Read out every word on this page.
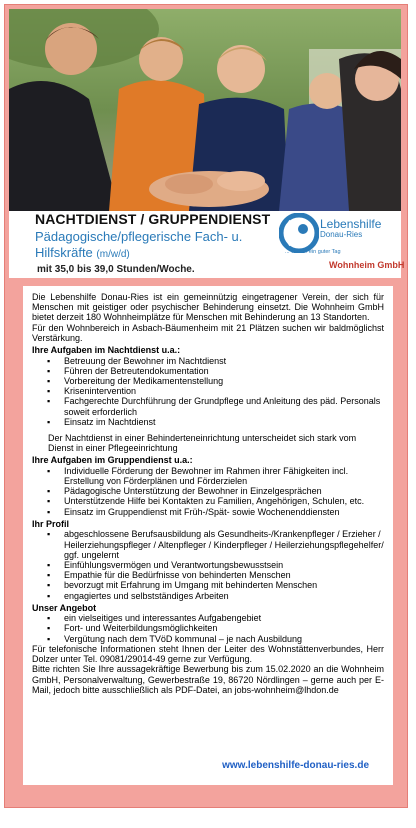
NACHTDIENST / GRUPPENDIENST
Pädagogische/pflegerische Fach- u.
Hilfskräfte (m/w/d)
mit 35,0 bis 39,0 Stunden/Woche.
Lebenshilfe
Donau-Ries
... wieder ein guter Tag
Wohnheim GmbH

Die Lebenshilfe Donau-Ries ist ein gemeinnützig eingetragener Verein, der sich für Menschen mit geistiger oder psychischer Behinderung einsetzt. Die Wohnheim GmbH bietet derzeit 180 Wohnheimplätze für Menschen mit Behinderung an 13 Standorten.

Für den Wohnbereich in Asbach-Bäumenheim mit 21 Plätzen suchen wir baldmöglichst Verstärkung.

Ihre Aufgaben im Nachtdienst u.a.:
▪ Betreuung der Bewohner im Nachtdienst
▪ Führen der Betreutendokumentation
▪ Vorbereitung der Medikamentenstellung
▪ Krisenintervention
▪ Fachgerechte Durchführung der Grundpflege und Anleitung des päd. Personals soweit erforderlich
▪ Einsatz im Nachtdienst

Der Nachtdienst in einer Behinderteneinrichtung unterscheidet sich stark vom Dienst in einer Pflegeeinrichtung

Ihre Aufgaben im Gruppendienst u.a.:
▪ Individuelle Förderung der Bewohner im Rahmen ihrer Fähigkeiten incl. Erstellung von Förderplänen und Förderzielen
▪ Pädagogische Unterstützung der Bewohner in Einzelgesprächen
▪ Unterstützende Hilfe bei Kontakten zu Familien, Angehörigen, Schulen, etc.
▪ Einsatz im Gruppendienst mit Früh-/Spät- sowie Wochenenddiensten
Ihr Profil
▪ abgeschlossene Berufsausbildung als Gesundheits-/Krankenpfleger / Erzieher / Heilerziehungspfleger / Altenpfleger / Kinderpfleger / Heilerziehungspflegehelfer/ ggf. ungelernt
▪ Einfühlungsvermögen und Verantwortungsbewusstsein
▪ Empathie für die Bedürfnisse von behinderten Menschen
▪ bevorzugt mit Erfahrung im Umgang mit behinderten Menschen
▪ engagiertes und selbstständiges Arbeiten
Unser Angebot
▪ ein vielseitiges und interessantes Aufgabengebiet
▪ Fort- und Weiterbildungsmöglichkeiten
▪ Vergütung nach dem TVöD kommunal – je nach Ausbildung

Für telefonische Informationen steht Ihnen der Leiter des Wohnstättenverbundes, Herr Dolzer unter Tel. 09081/29014-49 gerne zur Verfügung.

Bitte richten Sie Ihre aussagekräftige Bewerbung bis zum 15.02.2020 an die Wohnheim GmbH, Personalverwaltung, Gewerbestraße 19, 86720 Nördlingen – gerne auch per E-Mail, jedoch bitte ausschließlich als PDF-Datei, an jobs-wohnheim@lhdon.de

www.lebenshilfe-donau-ries.de
